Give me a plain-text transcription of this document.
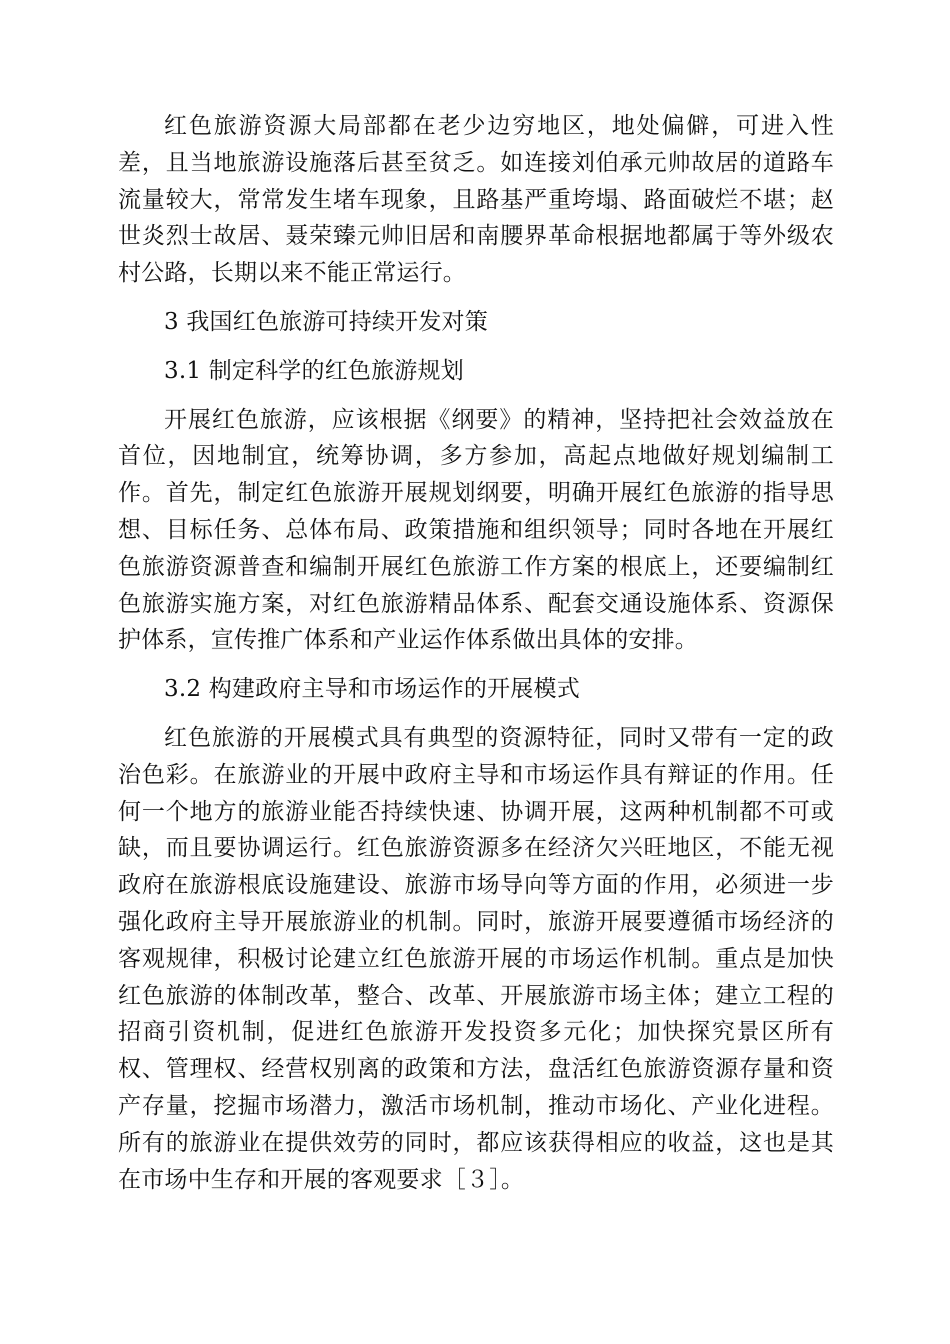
红色旅游资源大局部都在老少边穷地区，地处偏僻，可进入性差，且当地旅游设施落后甚至贫乏。如连接刘伯承元帅故居的道路车流量较大，常常发生堵车现象，且路基严重垮塌、路面破烂不堪；赵世炎烈士故居、聂荣臻元帅旧居和南腰界革命根据地都属于等外级农村公路，长期以来不能正常运行。

3 我国红色旅游可持续开发对策

3.1 制定科学的红色旅游规划

开展红色旅游，应该根据《纲要》的精神，坚持把社会效益放在首位，因地制宜，统筹协调，多方参加，高起点地做好规划编制工作。首先，制定红色旅游开展规划纲要，明确开展红色旅游的指导思想、目标任务、总体布局、政策措施和组织领导；同时各地在开展红色旅游资源普查和编制开展红色旅游工作方案的根底上，还要编制红色旅游实施方案，对红色旅游精品体系、配套交通设施体系、资源保护体系，宣传推广体系和产业运作体系做出具体的安排。

3.2 构建政府主导和市场运作的开展模式

红色旅游的开展模式具有典型的资源特征，同时又带有一定的政治色彩。在旅游业的开展中政府主导和市场运作具有辩证的作用。任何一个地方的旅游业能否持续快速、协调开展，这两种机制都不可或缺，而且要协调运行。红色旅游资源多在经济欠兴旺地区，不能无视政府在旅游根底设施建设、旅游市场导向等方面的作用，必须进一步强化政府主导开展旅游业的机制。同时，旅游开展要遵循市场经济的客观规律，积极讨论建立红色旅游开展的市场运作机制。重点是加快红色旅游的体制改革，整合、改革、开展旅游市场主体；建立工程的招商引资机制，促进红色旅游开发投资多元化；加快探究景区所有权、管理权、经营权别离的政策和方法，盘活红色旅游资源存量和资产存量，挖掘市场潜力，激活市场机制，推动市场化、产业化进程。所有的旅游业在提供效劳的同时，都应该获得相应的收益，这也是其在市场中生存和开展的客观要求［３］。
